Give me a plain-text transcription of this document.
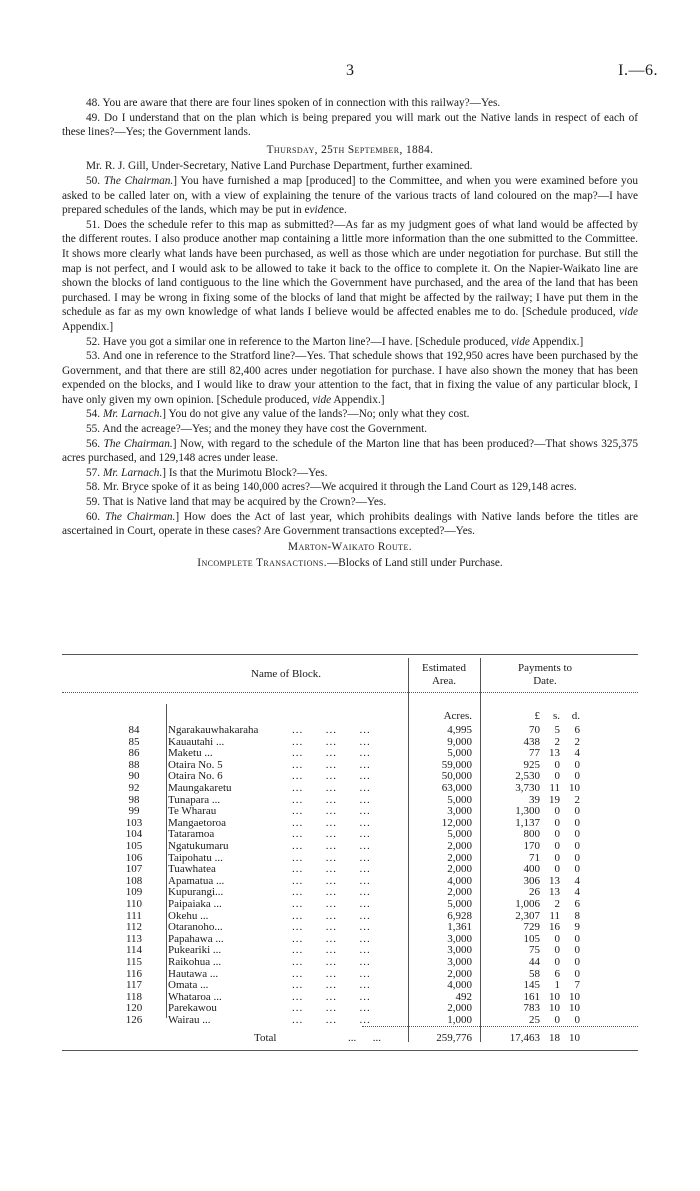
3	I.—6.

48. You are aware that there are four lines spoken of in connection with this railway?—Yes.

49. Do I understand that on the plan which is being prepared you will mark out the Native lands in respect of each of these lines?—Yes; the Government lands.

Thursday, 25th September, 1884.

Mr. R. J. Gill, Under-Secretary, Native Land Purchase Department, further examined.

50. The Chairman.] You have furnished a map [produced] to the Committee, and when you were examined before you asked to be called later on, with a view of explaining the tenure of the various tracts of land coloured on the map?—I have prepared schedules of the lands, which may be put in evidence.

51. Does the schedule refer to this map as submitted?—As far as my judgment goes of what land would be affected by the different routes. I also produce another map containing a little more information than the one submitted to the Committee. It shows more clearly what lands have been purchased, as well as those which are under negotiation for purchase. But still the map is not perfect, and I would ask to be allowed to take it back to the office to complete it. On the Napier-Waikato line are shown the blocks of land contiguous to the line which the Government have purchased, and the area of the land that has been purchased. I may be wrong in fixing some of the blocks of land that might be affected by the railway; I have put them in the schedule as far as my own knowledge of what lands I believe would be affected enables me to do. [Schedule produced, vide Appendix.]

52. Have you got a similar one in reference to the Marton line?—I have. [Schedule produced, vide Appendix.]

53. And one in reference to the Stratford line?—Yes. That schedule shows that 192,950 acres have been purchased by the Government, and that there are still 82,400 acres under negotiation for purchase. I have also shown the money that has been expended on the blocks, and I would like to draw your attention to the fact, that in fixing the value of any particular block, I have only given my own opinion. [Schedule produced, vide Appendix.]

54. Mr. Larnach.] You do not give any value of the lands?—No; only what they cost.

55. And the acreage?—Yes; and the money they have cost the Government.

56. The Chairman.] Now, with regard to the schedule of the Marton line that has been produced?—That shows 325,375 acres purchased, and 129,148 acres under lease.

57. Mr. Larnach.] Is that the Murimotu Block?—Yes.

58. Mr. Bryce spoke of it as being 140,000 acres?—We acquired it through the Land Court as 129,148 acres.

59. That is Native land that may be acquired by the Crown?—Yes.

60. The Chairman.] How does the Act of last year, which prohibits dealings with Native lands before the titles are ascertained in Court, operate in these cases? Are Government transactions excepted?—Yes.

Marton-Waikato Route.

Incomplete Transactions.—Blocks of Land still under Purchase.

Name of Block.	Estimated
Area.
Payments to
Date.
Acres.	£ s. d.
84	Ngarakauwhakaraha	...      ...      ...	4,995	70 5 6
85	Kauautahi ...	...      ...      ...	9,000	438 2 2
86	Maketu ...	...      ...      ...	5,000	77 13 4
88	Otaira No. 5	...      ...      ...	59,000	925 0 0
90	Otaira No. 6	...      ...      ...	50,000	2,530 0 0
92	Maungakaretu	...      ...      ...	63,000	3,730 11 10
98	Tunapara ...	...      ...      ...	5,000	39 19 2
99	Te Wharau	...      ...      ...	3,000	1,300 0 0
103	Mangaetoroa	...      ...      ...	12,000	1,137 0 0
104	Tataramoa	...      ...      ...	5,000	800 0 0
105	Ngatukumaru	...      ...      ...	2,000	170 0 0
106	Taipohatu ...	...      ...      ...	2,000	71 0 0
107	Tuawhatea	...      ...      ...	2,000	400 0 0
108	Apamatua ...	...      ...      ...	4,000	306 13 4
109	Kupurangi...	...      ...      ...	2,000	26 13 4
110	Paipaiaka ...	...      ...      ...	5,000	1,006 2 6
111	Okehu ...	...      ...      ...	6,928	2,307 11 8
112	Otaranoho...	...      ...      ...	1,361	729 16 9
113	Papahawa ...	...      ...      ...	3,000	105 0 0
114	Pukeariki ...	...      ...      ...	3,000	75 0 0
115	Raikohua ...	...      ...      ...	3,000	44 0 0
116	Hautawa ...	...      ...      ...	2,000	58 6 0
117	Omata ...	...      ...      ...	4,000	145 1 7
118	Whataroa ...	...      ...      ...	492	161 10 10
120	Parekawou	...      ...      ...	2,000	783 10 10
126	Wairau ...	...      ...      ...	1,000	25 0 0
Total	...      ...	259,776	17,463 18 10
